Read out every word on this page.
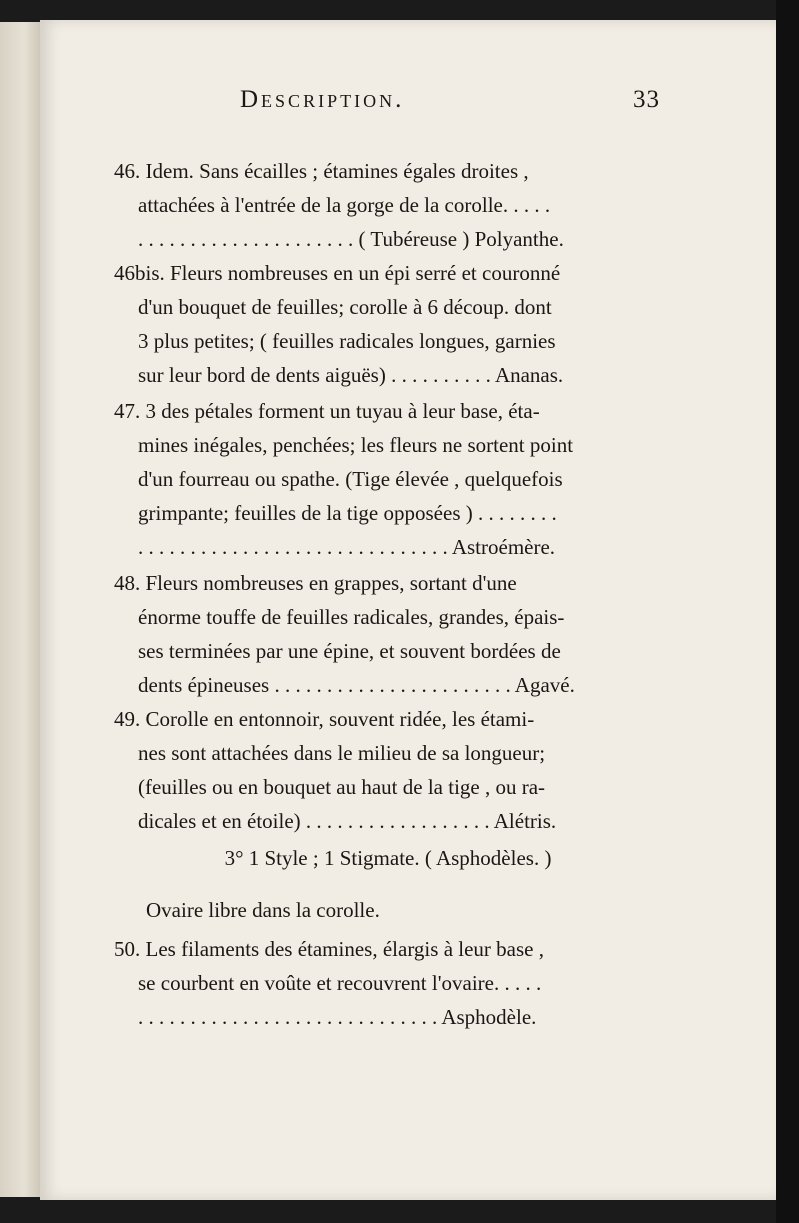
Description.	33
46. Idem. Sans écailles ; étamines égales droites ,
attachées à l'entrée de la gorge de la corolle. . . . .
. . . . . . . . . . . . . . . . . . . . . ( Tubéreuse ) Polyanthe.
46bis. Fleurs nombreuses en un épi serré et couronné
d'un bouquet de feuilles; corolle à 6 découp. dont
3 plus petites; ( feuilles radicales longues, garnies
sur leur bord de dents aiguës) . . . . . . . . . . Ananas.
47. 3 des pétales forment un tuyau à leur base, éta-
mines inégales, penchées; les fleurs ne sortent point
d'un fourreau ou spathe. (Tige élevée , quelquefois
grimpante; feuilles de la tige opposées ) . . . . . . . .
. . . . . . . . . . . . . . . . . . . . . . . . . . . . . . Astroémère.
48. Fleurs nombreuses en grappes, sortant d'une
énorme touffe de feuilles radicales, grandes, épais-
ses terminées par une épine, et souvent bordées de
dents épineuses . . . . . . . . . . . . . . . . . . . . . . . Agavé.
49. Corolle en entonnoir, souvent ridée, les étami-
nes sont attachées dans le milieu de sa longueur;
(feuilles ou en bouquet au haut de la tige , ou ra-
dicales et en étoile) . . . . . . . . . . . . . . . . . . Alétris.
3° 1 Style ; 1 Stigmate. ( Asphodèles. )
Ovaire libre dans la corolle.
50. Les filaments des étamines, élargis à leur base ,
se courbent en voûte et recouvrent l'ovaire. . . . .
. . . . . . . . . . . . . . . . . . . . . . . . . . . . . Asphodèle.
